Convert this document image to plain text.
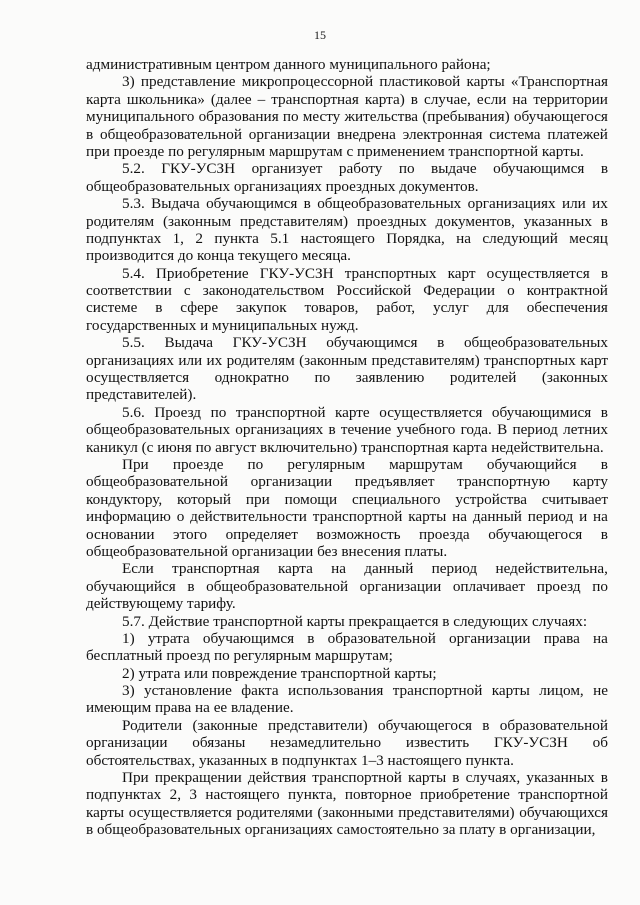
15
административным центром данного муниципального района;
3) представление микропроцессорной пластиковой карты «Транспортная
карта школьника» (далее – транспортная карта) в случае, если на территории
муниципального образования по месту жительства (пребывания) обучающегося
в общеобразовательной организации внедрена электронная система платежей
при проезде по регулярным маршрутам с применением транспортной карты.
5.2. ГКУ-УСЗН организует работу по выдаче обучающимся в
общеобразовательных организациях проездных документов.
5.3. Выдача обучающимся в общеобразовательных организациях или их
родителям (законным представителям) проездных документов, указанных в
подпунктах 1, 2 пункта 5.1 настоящего Порядка, на следующий месяц
производится до конца текущего месяца.
5.4. Приобретение ГКУ-УСЗН транспортных карт осуществляется в
соответствии с законодательством Российской Федерации о контрактной
системе в сфере закупок товаров, работ, услуг для обеспечения
государственных и муниципальных нужд.
5.5. Выдача ГКУ-УСЗН обучающимся в общеобразовательных
организациях или их родителям (законным представителям) транспортных карт
осуществляется однократно по заявлению родителей (законных
представителей).
5.6. Проезд по транспортной карте осуществляется обучающимися в
общеобразовательных организациях в течение учебного года. В период летних
каникул (с июня по август включительно) транспортная карта недействительна.
При проезде по регулярным маршрутам обучающийся в
общеобразовательной организации предъявляет транспортную карту
кондуктору, который при помощи специального устройства считывает
информацию о действительности транспортной карты на данный период и на
основании этого определяет возможность проезда обучающегося в
общеобразовательной организации без внесения платы.
Если транспортная карта на данный период недействительна,
обучающийся в общеобразовательной организации оплачивает проезд по
действующему тарифу.
5.7. Действие транспортной карты прекращается в следующих случаях:
1) утрата обучающимся в образовательной организации права на
бесплатный проезд по регулярным маршрутам;
2) утрата или повреждение транспортной карты;
3) установление факта использования транспортной карты лицом, не
имеющим права на ее владение.
Родители (законные представители) обучающегося в образовательной
организации обязаны незамедлительно известить ГКУ-УСЗН об
обстоятельствах, указанных в подпунктах 1–3 настоящего пункта.
При прекращении действия транспортной карты в случаях, указанных в
подпунктах 2, 3 настоящего пункта, повторное приобретение транспортной
карты осуществляется родителями (законными представителями) обучающихся
в общеобразовательных организациях самостоятельно за плату в организации,
